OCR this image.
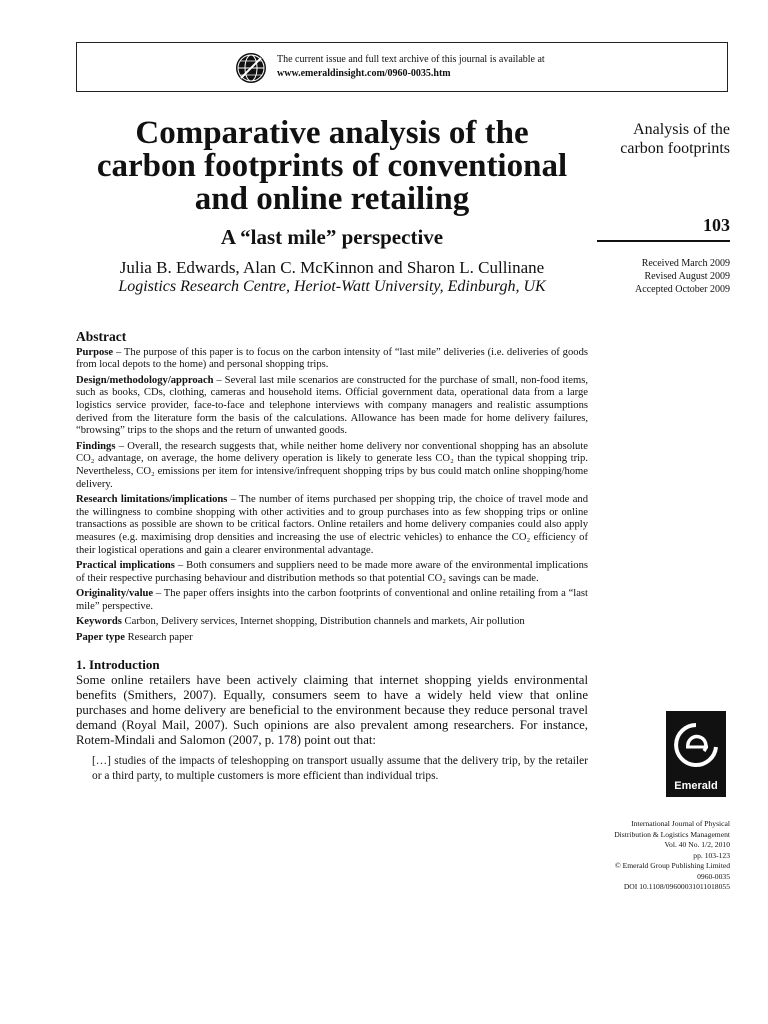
The current issue and full text archive of this journal is available at
www.emeraldinsight.com/0960-0035.htm
Comparative analysis of the
carbon footprints of conventional
and online retailing
A “last mile” perspective
Julia B. Edwards, Alan C. McKinnon and Sharon L. Cullinane
Logistics Research Centre, Heriot-Watt University, Edinburgh, UK
Analysis of the
carbon footprints
103
Received March 2009
Revised August 2009
Accepted October 2009
Abstract

Purpose – The purpose of this paper is to focus on the carbon intensity of “last mile” deliveries (i.e. deliveries of goods from local depots to the home) and personal shopping trips.

Design/methodology/approach – Several last mile scenarios are constructed for the purchase of small, non-food items, such as books, CDs, clothing, cameras and household items. Official government data, operational data from a large logistics service provider, face-to-face and telephone interviews with company managers and realistic assumptions derived from the literature form the basis of the calculations. Allowance has been made for home delivery failures, “browsing” trips to the shops and the return of unwanted goods.

Findings – Overall, the research suggests that, while neither home delivery nor conventional shopping has an absolute CO₂ advantage, on average, the home delivery operation is likely to generate less CO₂ than the typical shopping trip. Nevertheless, CO₂ emissions per item for intensive/infrequent shopping trips by bus could match online shopping/home delivery.

Research limitations/implications – The number of items purchased per shopping trip, the choice of travel mode and the willingness to combine shopping with other activities and to group purchases into as few shopping trips or online transactions as possible are shown to be critical factors. Online retailers and home delivery companies could also apply measures (e.g. maximising drop densities and increasing the use of electric vehicles) to enhance the CO₂ efficiency of their logistical operations and gain a clearer environmental advantage.

Practical implications – Both consumers and suppliers need to be made more aware of the environmental implications of their respective purchasing behaviour and distribution methods so that potential CO₂ savings can be made.

Originality/value – The paper offers insights into the carbon footprints of conventional and online retailing from a “last mile” perspective.

Keywords Carbon, Delivery services, Internet shopping, Distribution channels and markets, Air pollution

Paper type Research paper

1. Introduction

Some online retailers have been actively claiming that internet shopping yields environmental benefits (Smithers, 2007). Equally, consumers seem to have a widely held view that online purchases and home delivery are beneficial to the environment because they reduce personal travel demand (Royal Mail, 2007). Such opinions are also prevalent among researchers. For instance, Rotem-Mindali and Salomon (2007, p. 178) point out that:

[…] studies of the impacts of teleshopping on transport usually assume that the delivery trip, by the retailer or a third party, to multiple customers is more efficient than individual trips.
Emerald
International Journal of Physical
Distribution & Logistics Management
Vol. 40 No. 1/2, 2010
pp. 103-123
© Emerald Group Publishing Limited
0960-0035
DOI 10.1108/09600031011018055
